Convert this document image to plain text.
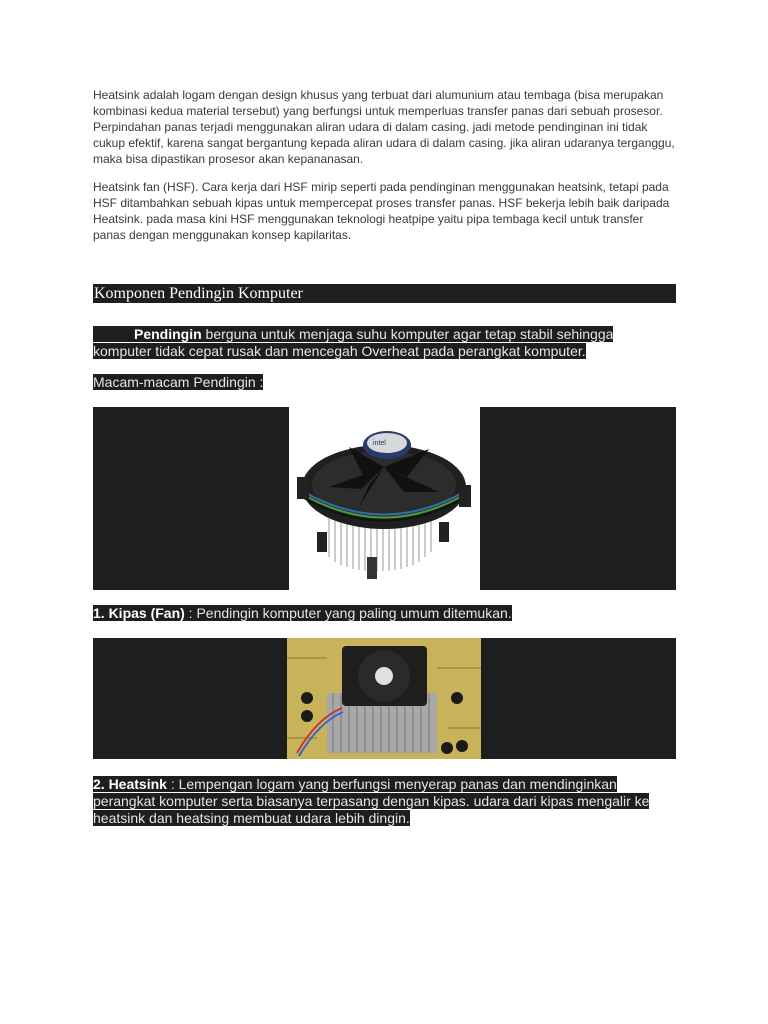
Heatsink adalah logam dengan design khusus yang terbuat dari alumunium atau tembaga (bisa merupakan kombinasi kedua material tersebut) yang berfungsi untuk memperluas transfer panas dari sebuah prosesor. Perpindahan panas terjadi menggunakan aliran udara di dalam casing. jadi metode pendinginan ini tidak cukup efektif, karena sangat bergantung kepada aliran udara di dalam casing. jika aliran udaranya terganggu, maka bisa dipastikan prosesor akan kepananasan.

Heatsink fan (HSF). Cara kerja dari HSF mirip seperti pada pendinginan menggunakan heatsink, tetapi pada HSF ditambahkan sebuah kipas untuk mempercepat proses transfer panas. HSF bekerja lebih baik daripada Heatsink. pada masa kini HSF menggunakan teknologi heatpipe yaitu pipa tembaga kecil untuk transfer panas dengan menggunakan konsep kapilaritas.

Komponen Pendingin Komputer

Pendingin berguna untuk menjaga suhu komputer agar tetap stabil sehingga komputer tidak cepat rusak dan mencegah Overheat pada perangkat komputer.

Macam-macam Pendingin :

intel

1. Kipas (Fan) : Pendingin komputer yang paling umum ditemukan.

2. Heatsink : Lempengan logam yang berfungsi menyerap panas dan mendinginkan perangkat komputer serta biasanya terpasang dengan kipas. udara dari kipas mengalir ke heatsink dan heatsing membuat udara lebih dingin.
